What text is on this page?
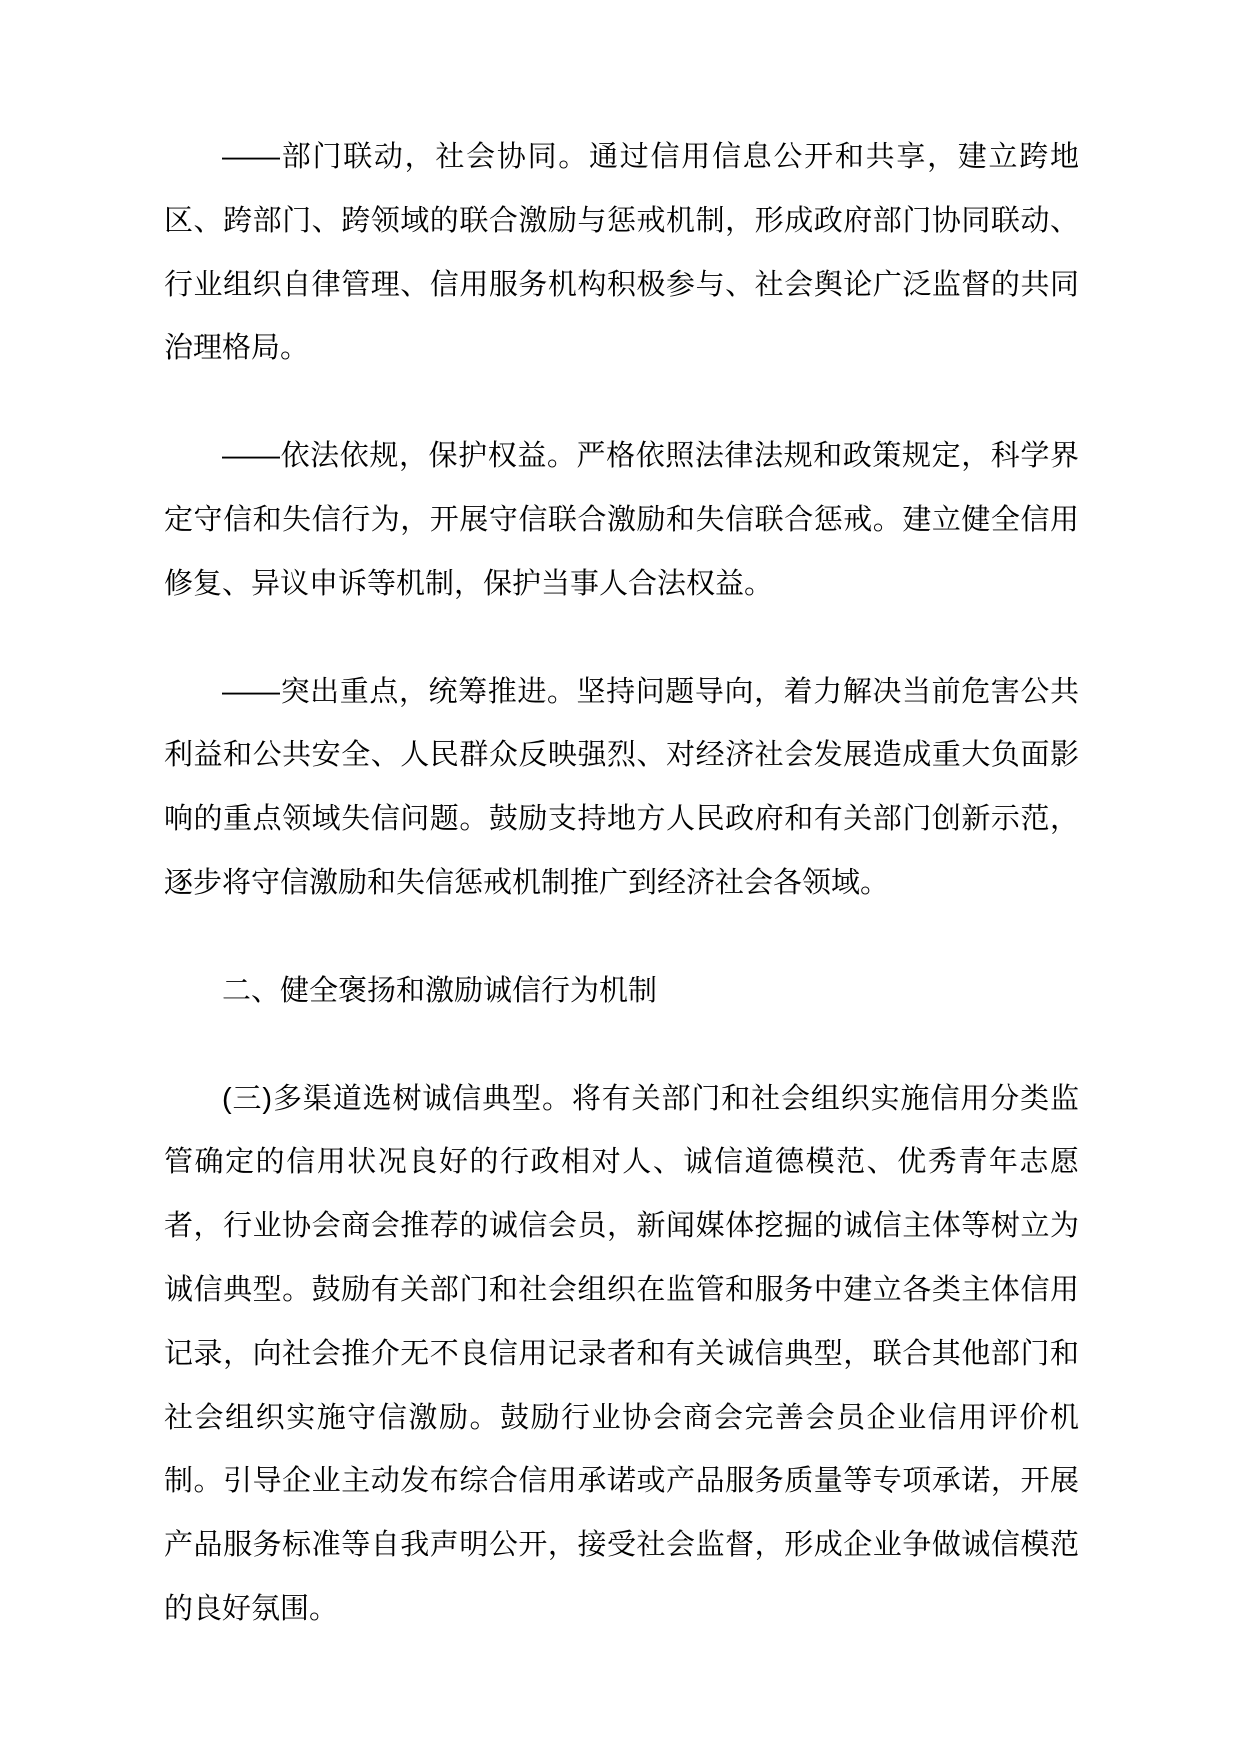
——部门联动，社会协同。通过信用信息公开和共享，建立跨地区、跨部门、跨领域的联合激励与惩戒机制，形成政府部门协同联动、行业组织自律管理、信用服务机构积极参与、社会舆论广泛监督的共同治理格局。

——依法依规，保护权益。严格依照法律法规和政策规定，科学界定守信和失信行为，开展守信联合激励和失信联合惩戒。建立健全信用修复、异议申诉等机制，保护当事人合法权益。

——突出重点，统筹推进。坚持问题导向，着力解决当前危害公共利益和公共安全、人民群众反映强烈、对经济社会发展造成重大负面影响的重点领域失信问题。鼓励支持地方人民政府和有关部门创新示范，逐步将守信激励和失信惩戒机制推广到经济社会各领域。

二、健全褒扬和激励诚信行为机制

(三)多渠道选树诚信典型。将有关部门和社会组织实施信用分类监管确定的信用状况良好的行政相对人、诚信道德模范、优秀青年志愿者，行业协会商会推荐的诚信会员，新闻媒体挖掘的诚信主体等树立为诚信典型。鼓励有关部门和社会组织在监管和服务中建立各类主体信用记录，向社会推介无不良信用记录者和有关诚信典型，联合其他部门和社会组织实施守信激励。鼓励行业协会商会完善会员企业信用评价机制。引导企业主动发布综合信用承诺或产品服务质量等专项承诺，开展产品服务标准等自我声明公开，接受社会监督，形成企业争做诚信模范的良好氛围。
